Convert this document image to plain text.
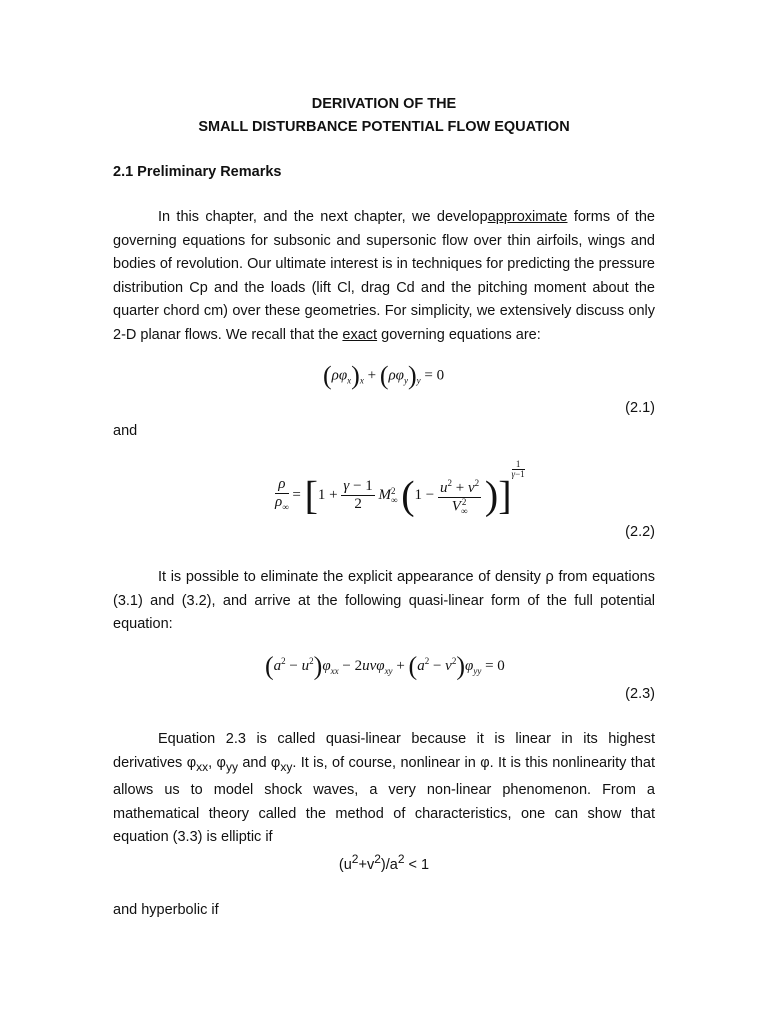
DERIVATION OF THE
SMALL DISTURBANCE POTENTIAL FLOW EQUATION
2.1 Preliminary Remarks

In this chapter, and the next chapter, we developapproximate forms of the governing equations for subsonic and supersonic flow over thin airfoils, wings and bodies of revolution. Our ultimate interest is in techniques for predicting the pressure distribution Cp and the loads (lift Cl, drag Cd and the pitching moment about the quarter chord cm) over these geometries. For simplicity, we extensively discuss only 2-D planar flows. We recall that the exact governing equations are:

$(\rho\varphi_x)_x + (\rho\varphi_y)_y = 0$
(2.1)
and
$\frac{\rho}{\rho_\infty} = [1 + \frac{\gamma - 1}{2} M2$
∞ ($1 - u^2 + v^2$
V2
∞ )]
1
γ−1
(2.2)

It is possible to eliminate the explicit appearance of density ρ from equations (3.1) and (3.2), and arrive at the following quasi-linear form of the full potential equation:

$(a^2 - u^2)\varphi_{xx} - 2uv\varphi_{xy} + (a^2 - v^2)\varphi_{yy} = 0$
(2.3)

Equation 2.3 is called quasi-linear because it is linear in its highest derivatives $\varphi_{xx}$, $\varphi_{yy}$ and $\varphi_{xy}$. It is, of course, nonlinear in φ. It is this nonlinearity that allows us to model shock waves, a very non-linear phenomenon. From a mathematical theory called the method of characteristics, one can show that equation (3.3) is elliptic if

$(u^2+v^2)/a^2 < 1$
and hyperbolic if
